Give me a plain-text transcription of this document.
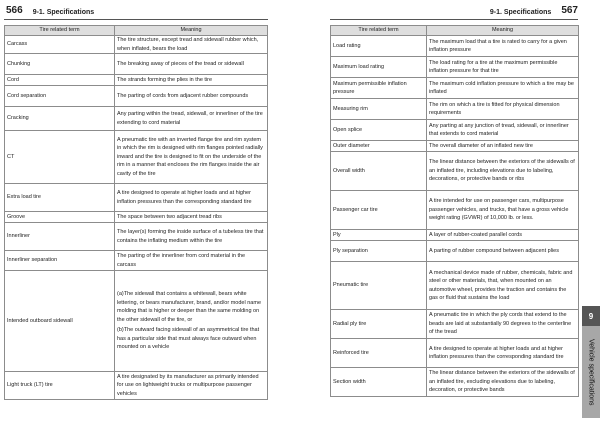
566 9-1. Specifications	9-1. Specifications 567
Tire related term	Meaning
Carcass	The tire structure, except tread and sidewall rubber which, when inflated, bears the load
Chunking	The breaking away of pieces of the tread or sidewall
Cord	The strands forming the plies in the tire
Cord separation	The parting of cords from adjacent rubber compounds
Cracking	Any parting within the tread, sidewall, or innerliner of the tire extending to cord material
CT	A pneumatic tire with an inverted flange tire and rim system in which the rim is designed with rim flanges pointed radially inward and the tire is designed to fit on the underside of the rim in a manner that encloses the rim flanges inside the air cavity of the tire
Extra load tire	A tire designed to operate at higher loads and at higher inflation pressures than the corresponding standard tire
Groove	The space between two adjacent tread ribs
Innerliner	The layer(s) forming the inside surface of a tubeless tire that contains the inflating medium within the tire
Innerliner separation	The parting of the innerliner from cord material in the carcass
Intended outboard sidewall	(a)The sidewall that contains a whitewall, bears white lettering, or bears manufacturer, brand, and/or model name molding that is higher or deeper than the same molding on the other sidewall of the tire, or
(b)The outward facing sidewall of an asymmetrical tire that has a particular side that must always face outward when mounted on a vehicle

Light truck (LT) tire	A tire designated by its manufacturer as primarily intended for use on lightweight trucks or multipurpose passenger vehicles
Tire related term	Meaning
Load rating	The maximum load that a tire is rated to carry for a given inflation pressure
Maximum load rating	The load rating for a tire at the maximum permissible inflation pressure for that tire
Maximum permissible inflation pressure	The maximum cold inflation pressure to which a tire may be inflated
Measuring rim	The rim on which a tire is fitted for physical dimension requirements
Open splice	Any parting at any junction of tread, sidewall, or innerliner that extends to cord material
Outer diameter	The overall diameter of an inflated new tire
Overall width	The linear distance between the exteriors of the sidewalls of an inflated tire, including elevations due to labeling, decorations, or protective bands or ribs
Passenger car tire	A tire intended for use on passenger cars, multipurpose passenger vehicles, and trucks, that have a gross vehicle weight rating (GVWR) of 10,000 lb. or less.
Ply	A layer of rubber-coated parallel cords
Ply separation	A parting of rubber compound between adjacent plies
Pneumatic tire	A mechanical device made of rubber, chemicals, fabric and steel or other materials, that, when mounted on an automotive wheel, provides the traction and contains the gas or fluid that sustains the load
Radial ply tire	A pneumatic tire in which the ply cords that extend to the beads are laid at substantially 90 degrees to the centerline of the tread
Reinforced tire	A tire designed to operate at higher loads and at higher inflation pressures than the corresponding standard tire
Section width	The linear distance between the exteriors of the sidewalls of an inflated tire, excluding elevations due to labeling, decoration, or protective bands
9
Vehicle specifications
